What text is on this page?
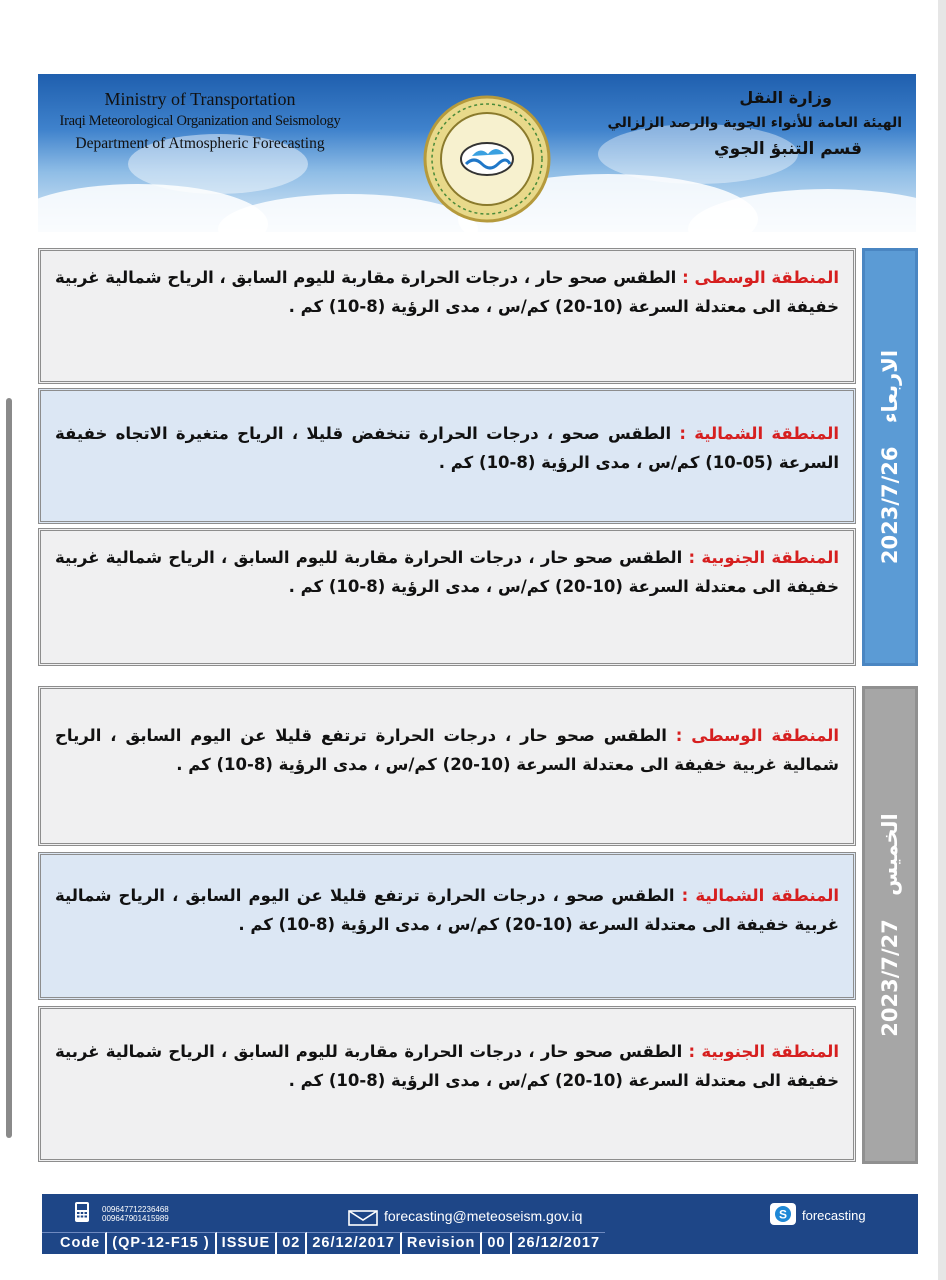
Ministry of Transportation
Iraqi Meteorological Organization and Seismology
Department of Atmospheric Forecasting
وزارة النقل
الهيئة العامة للأنواء الجوية والرصد الزلزالي
قسم التنبؤ الجوي
المنطقة الوسطى : الطقس صحو حار ، درجات الحرارة مقاربة لليوم السابق ، الرياح شمالية غربية خفيفة الى معتدلة السرعة (10-20) كم/س ، مدى الرؤية (8-10) كم .
المنطقة الشمالية : الطقس صحو ، درجات الحرارة تنخفض قليلا ، الرياح متغيرة الاتجاه خفيفة السرعة (05-10) كم/س ، مدى الرؤية (8-10) كم .
المنطقة الجنوبية : الطقس صحو حار ، درجات الحرارة مقاربة لليوم السابق ، الرياح شمالية غربية خفيفة الى معتدلة السرعة (10-20) كم/س ، مدى الرؤية (8-10) كم .
الاربعاء 2023/7/26
المنطقة الوسطى : الطقس صحو حار ، درجات الحرارة ترتفع قليلا عن اليوم السابق ، الرياح شمالية غربية خفيفة الى معتدلة السرعة (10-20) كم/س ، مدى الرؤية (8-10) كم .
المنطقة الشمالية : الطقس صحو ، درجات الحرارة ترتفع قليلا عن اليوم السابق ، الرياح شمالية غربية خفيفة الى معتدلة السرعة (10-20) كم/س ، مدى الرؤية (8-10) كم .
المنطقة الجنوبية : الطقس صحو حار ، درجات الحرارة مقاربة لليوم السابق ، الرياح شمالية غربية خفيفة الى معتدلة السرعة (10-20) كم/س ، مدى الرؤية (8-10) كم .
الخميس 2023/7/27
009647712236468
009647901415989	forecasting@meteoseism.gov.iq	S forecasting
Code (QP-12-F15 ) ISSUE 02 26/12/2017 Revision 00 26/12/2017
